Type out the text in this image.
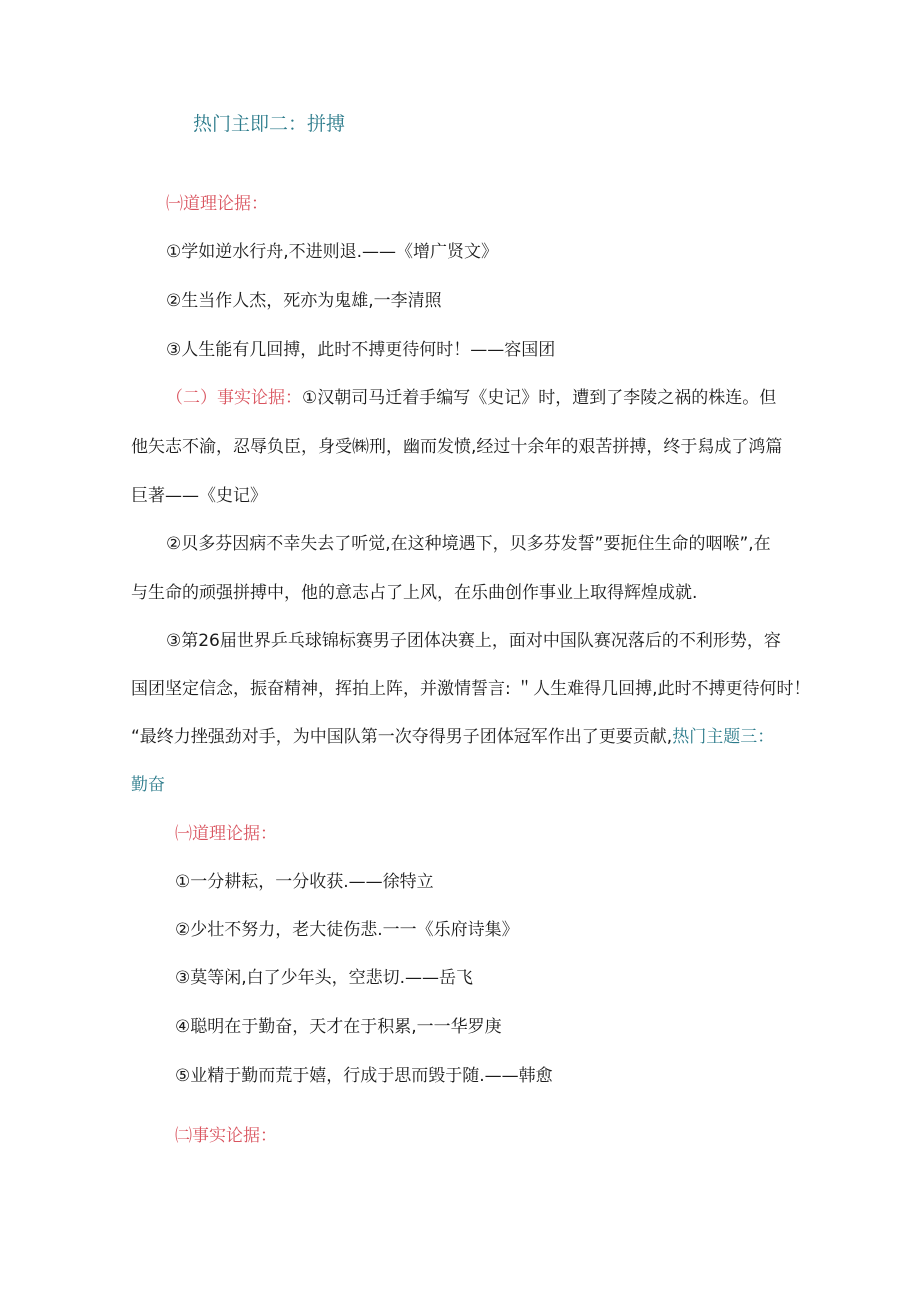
热门主即二：拼搏
㈠道理论据：
①学如逆水行舟,不进则退.——《增广贤文》
②生当作人杰，死亦为鬼雄,一李清照
③人生能有几回搏，此时不搏更待何时！——容国团
（二）事实论据：①汉朝司马迁着手编写《史记》时，遭到了李陵之祸的株连。但
他矢志不渝，忍辱负臣，身受㈱刑，幽而发愤,经过十余年的艰苦拼搏，终于舄成了鸿篇
巨著——《史记》
②贝多芬因病不幸失去了听觉,在这种境遇下，贝多芬发誓”要扼住生命的咽喉”,在
与生命的顽强拼搏中，他的意志占了上风，在乐曲创作事业上取得辉煌成就.
③第26届世界乒乓球锦标赛男子团体决赛上，面对中国队赛况落后的不利形势，容
国团坚定信念，振奋精神，挥拍上阵，并激情誓言: ＂人生难得几回搏,此时不搏更待何时！
“最终力挫强劲对手，为中国队第一次夺得男子团体冠军作出了更要贡献,热门主题三：
勤奋
㈠道理论据：
①一分耕耘，一分收获.——徐特立
②少壮不努力，老大徒伤悲.一一《乐府诗集》
③莫等闲,白了少年头，空悲切.——岳飞
④聪明在于勤奋，天才在于积累,一一华罗庚
⑤业精于勤而荒于嬉，行成于思而毁于随.——韩愈
㈡事实论据：
